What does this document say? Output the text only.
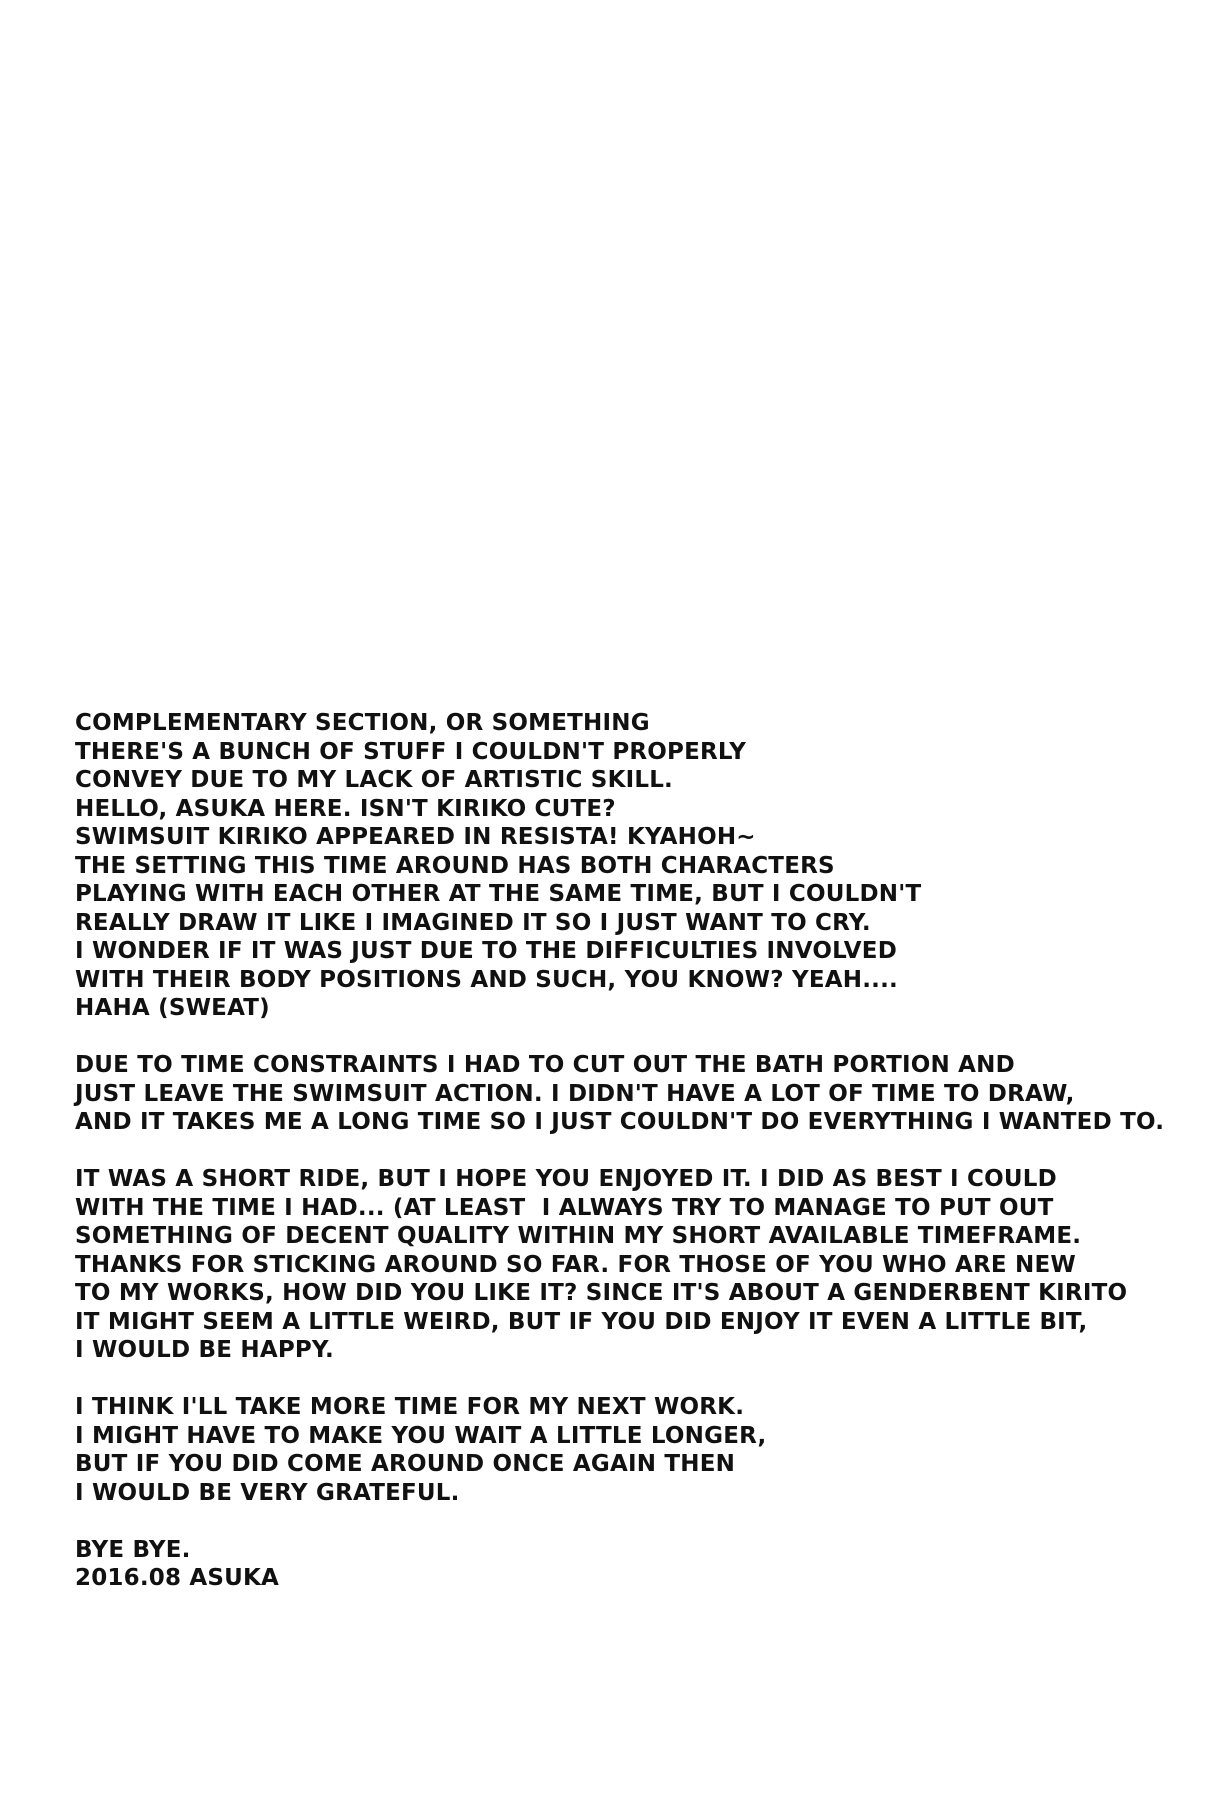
COMPLEMENTARY SECTION, OR SOMETHING
THERE'S A BUNCH OF STUFF I COULDN'T PROPERLY
CONVEY DUE TO MY LACK OF ARTISTIC SKILL.
HELLO, ASUKA HERE. ISN'T KIRIKO CUTE?
SWIMSUIT KIRIKO APPEARED IN RESISTA! KYAHOH~
THE SETTING THIS TIME AROUND HAS BOTH CHARACTERS
PLAYING WITH EACH OTHER AT THE SAME TIME, BUT I COULDN'T
REALLY DRAW IT LIKE I IMAGINED IT SO I JUST WANT TO CRY.
I WONDER IF IT WAS JUST DUE TO THE DIFFICULTIES INVOLVED
WITH THEIR BODY POSITIONS AND SUCH, YOU KNOW? YEAH....
HAHA (SWEAT)
DUE TO TIME CONSTRAINTS I HAD TO CUT OUT THE BATH PORTION AND
JUST LEAVE THE SWIMSUIT ACTION. I DIDN'T HAVE A LOT OF TIME TO DRAW,
AND IT TAKES ME A LONG TIME SO I JUST COULDN'T DO EVERYTHING I WANTED TO.
IT WAS A SHORT RIDE, BUT I HOPE YOU ENJOYED IT. I DID AS BEST I COULD
WITH THE TIME I HAD... (AT LEAST  I ALWAYS TRY TO MANAGE TO PUT OUT
SOMETHING OF DECENT QUALITY WITHIN MY SHORT AVAILABLE TIMEFRAME.
THANKS FOR STICKING AROUND SO FAR. FOR THOSE OF YOU WHO ARE NEW
TO MY WORKS, HOW DID YOU LIKE IT? SINCE IT'S ABOUT A GENDERBENT KIRITO
IT MIGHT SEEM A LITTLE WEIRD, BUT IF YOU DID ENJOY IT EVEN A LITTLE BIT,
I WOULD BE HAPPY.
I THINK I'LL TAKE MORE TIME FOR MY NEXT WORK.
I MIGHT HAVE TO MAKE YOU WAIT A LITTLE LONGER,
BUT IF YOU DID COME AROUND ONCE AGAIN THEN
I WOULD BE VERY GRATEFUL.
BYE BYE.
2016.08 ASUKA
